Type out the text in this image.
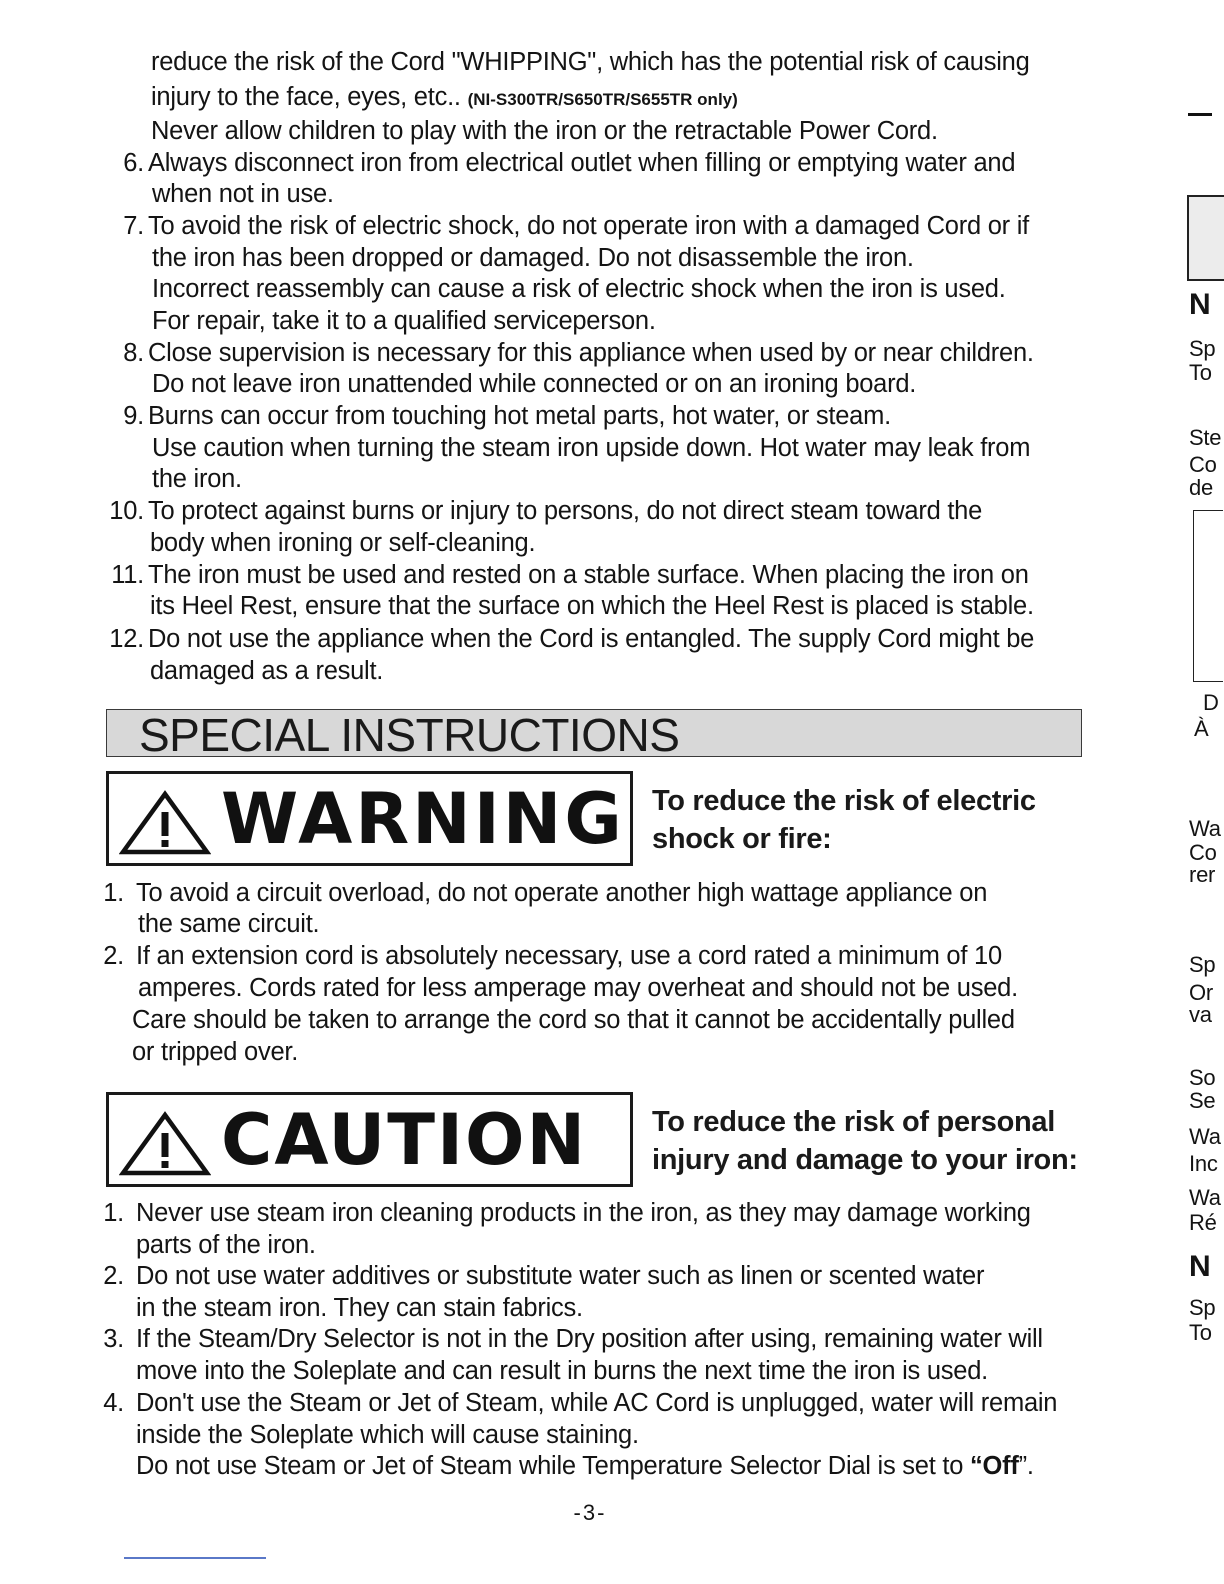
reduce the risk of the Cord "WHIPPING", which has the potential risk of causing
injury to the face, eyes, etc.. (NI-S300TR/S650TR/S655TR only)
Never allow children to play with the iron or the retractable Power Cord.
6. Always disconnect iron from electrical outlet when filling or emptying water and
when not in use.
7. To avoid the risk of electric shock, do not operate iron with a damaged Cord or if
the iron has been dropped or damaged. Do not disassemble the iron.
Incorrect reassembly can cause a risk of electric shock when the iron is used.
For repair, take it to a qualified serviceperson.
8. Close supervision is necessary for this appliance when used by or near children.
Do not leave iron unattended while connected or on an ironing board.
9. Burns can occur from touching hot metal parts, hot water, or steam.
Use caution when turning the steam iron upside down. Hot water may leak from
the iron.
10. To protect against burns or injury to persons, do not direct steam toward the
body when ironing or self-cleaning.
11. The iron must be used and rested on a stable surface. When placing the iron on
its Heel Rest, ensure that the surface on which the Heel Rest is placed is stable.
12. Do not use the appliance when the Cord is entangled. The supply Cord might be
damaged as a result.
SPECIAL INSTRUCTIONS
WARNING To reduce the risk of electric
shock or fire:
1. To avoid a circuit overload, do not operate another high wattage appliance on
the same circuit.
2. If an extension cord is absolutely necessary, use a cord rated a minimum of 10
amperes. Cords rated for less amperage may overheat and should not be used.
Care should be taken to arrange the cord so that it cannot be accidentally pulled
or tripped over.
CAUTION To reduce the risk of personal
injury and damage to your iron:
1. Never use steam iron cleaning products in the iron, as they may damage working
parts of the iron.
2. Do not use water additives or substitute water such as linen or scented water
in the steam iron. They can stain fabrics.
3. If the Steam/Dry Selector is not in the Dry position after using, remaining water will
move into the Soleplate and can result in burns the next time the iron is used.
4. Don't use the Steam or Jet of Steam, while AC Cord is unplugged, water will remain
inside the Soleplate which will cause staining.
Do not use Steam or Jet of Steam while Temperature Selector Dial is set to “Off”.
-3-
N
Sp
To
Ste
Co
de
D
À
Wa
Co
rer
Sp
Or
va
So
Se
Wa
Inc
Wa
Ré
N
Sp
To
